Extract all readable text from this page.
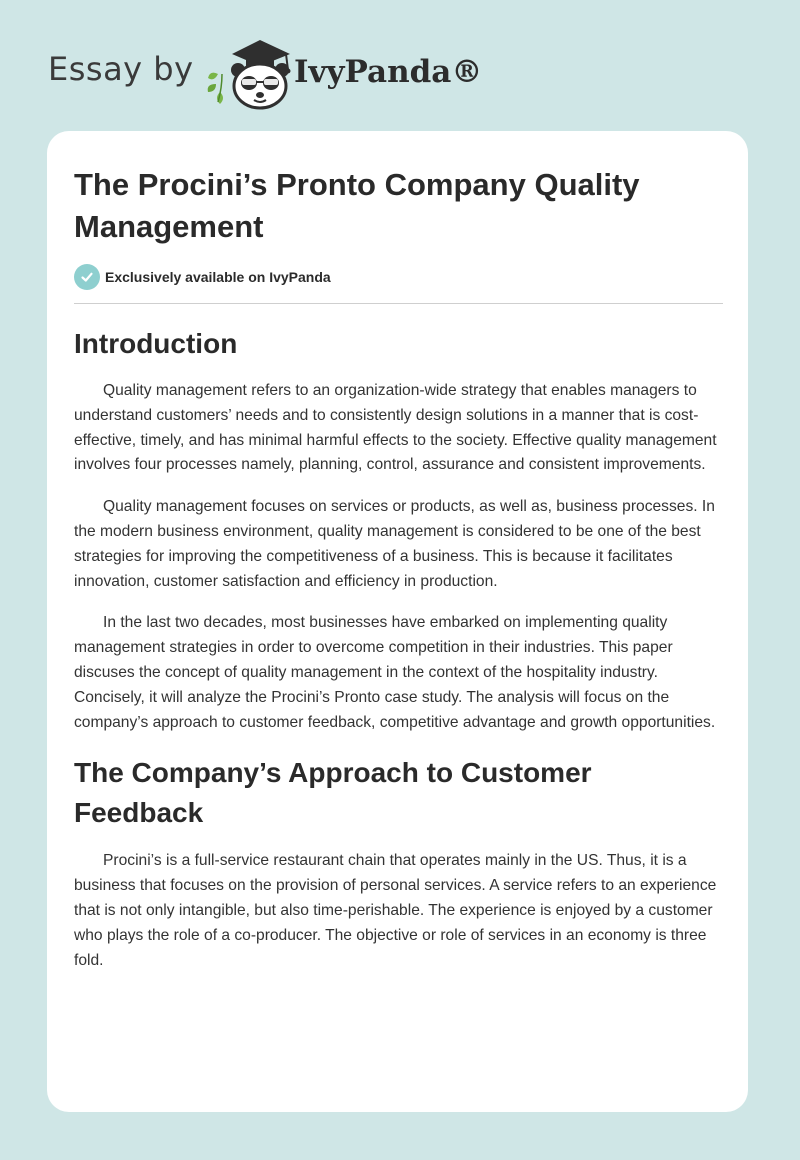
Essay by	IvyPanda®
The Procini’s Pronto Company Quality Management
Exclusively available on IvyPanda
Introduction

Quality management refers to an organization-wide strategy that enables managers to understand customers’ needs and to consistently design solutions in a manner that is cost-effective, timely, and has minimal harmful effects to the society. Effective quality management involves four processes namely, planning, control, assurance and consistent improvements.

Quality management focuses on services or products, as well as, business processes. In the modern business environment, quality management is considered to be one of the best strategies for improving the competitiveness of a business. This is because it facilitates innovation, customer satisfaction and efficiency in production.

In the last two decades, most businesses have embarked on implementing quality management strategies in order to overcome competition in their industries. This paper discuses the concept of quality management in the context of the hospitality industry. Concisely, it will analyze the Procini’s Pronto case study. The analysis will focus on the company’s approach to customer feedback, competitive advantage and growth opportunities.

The Company’s Approach to Customer Feedback

Procini’s is a full-service restaurant chain that operates mainly in the US. Thus, it is a business that focuses on the provision of personal services. A service refers to an experience that is not only intangible, but also time-perishable. The experience is enjoyed by a customer who plays the role of a co-producer. The objective or role of services in an economy is three fold.
